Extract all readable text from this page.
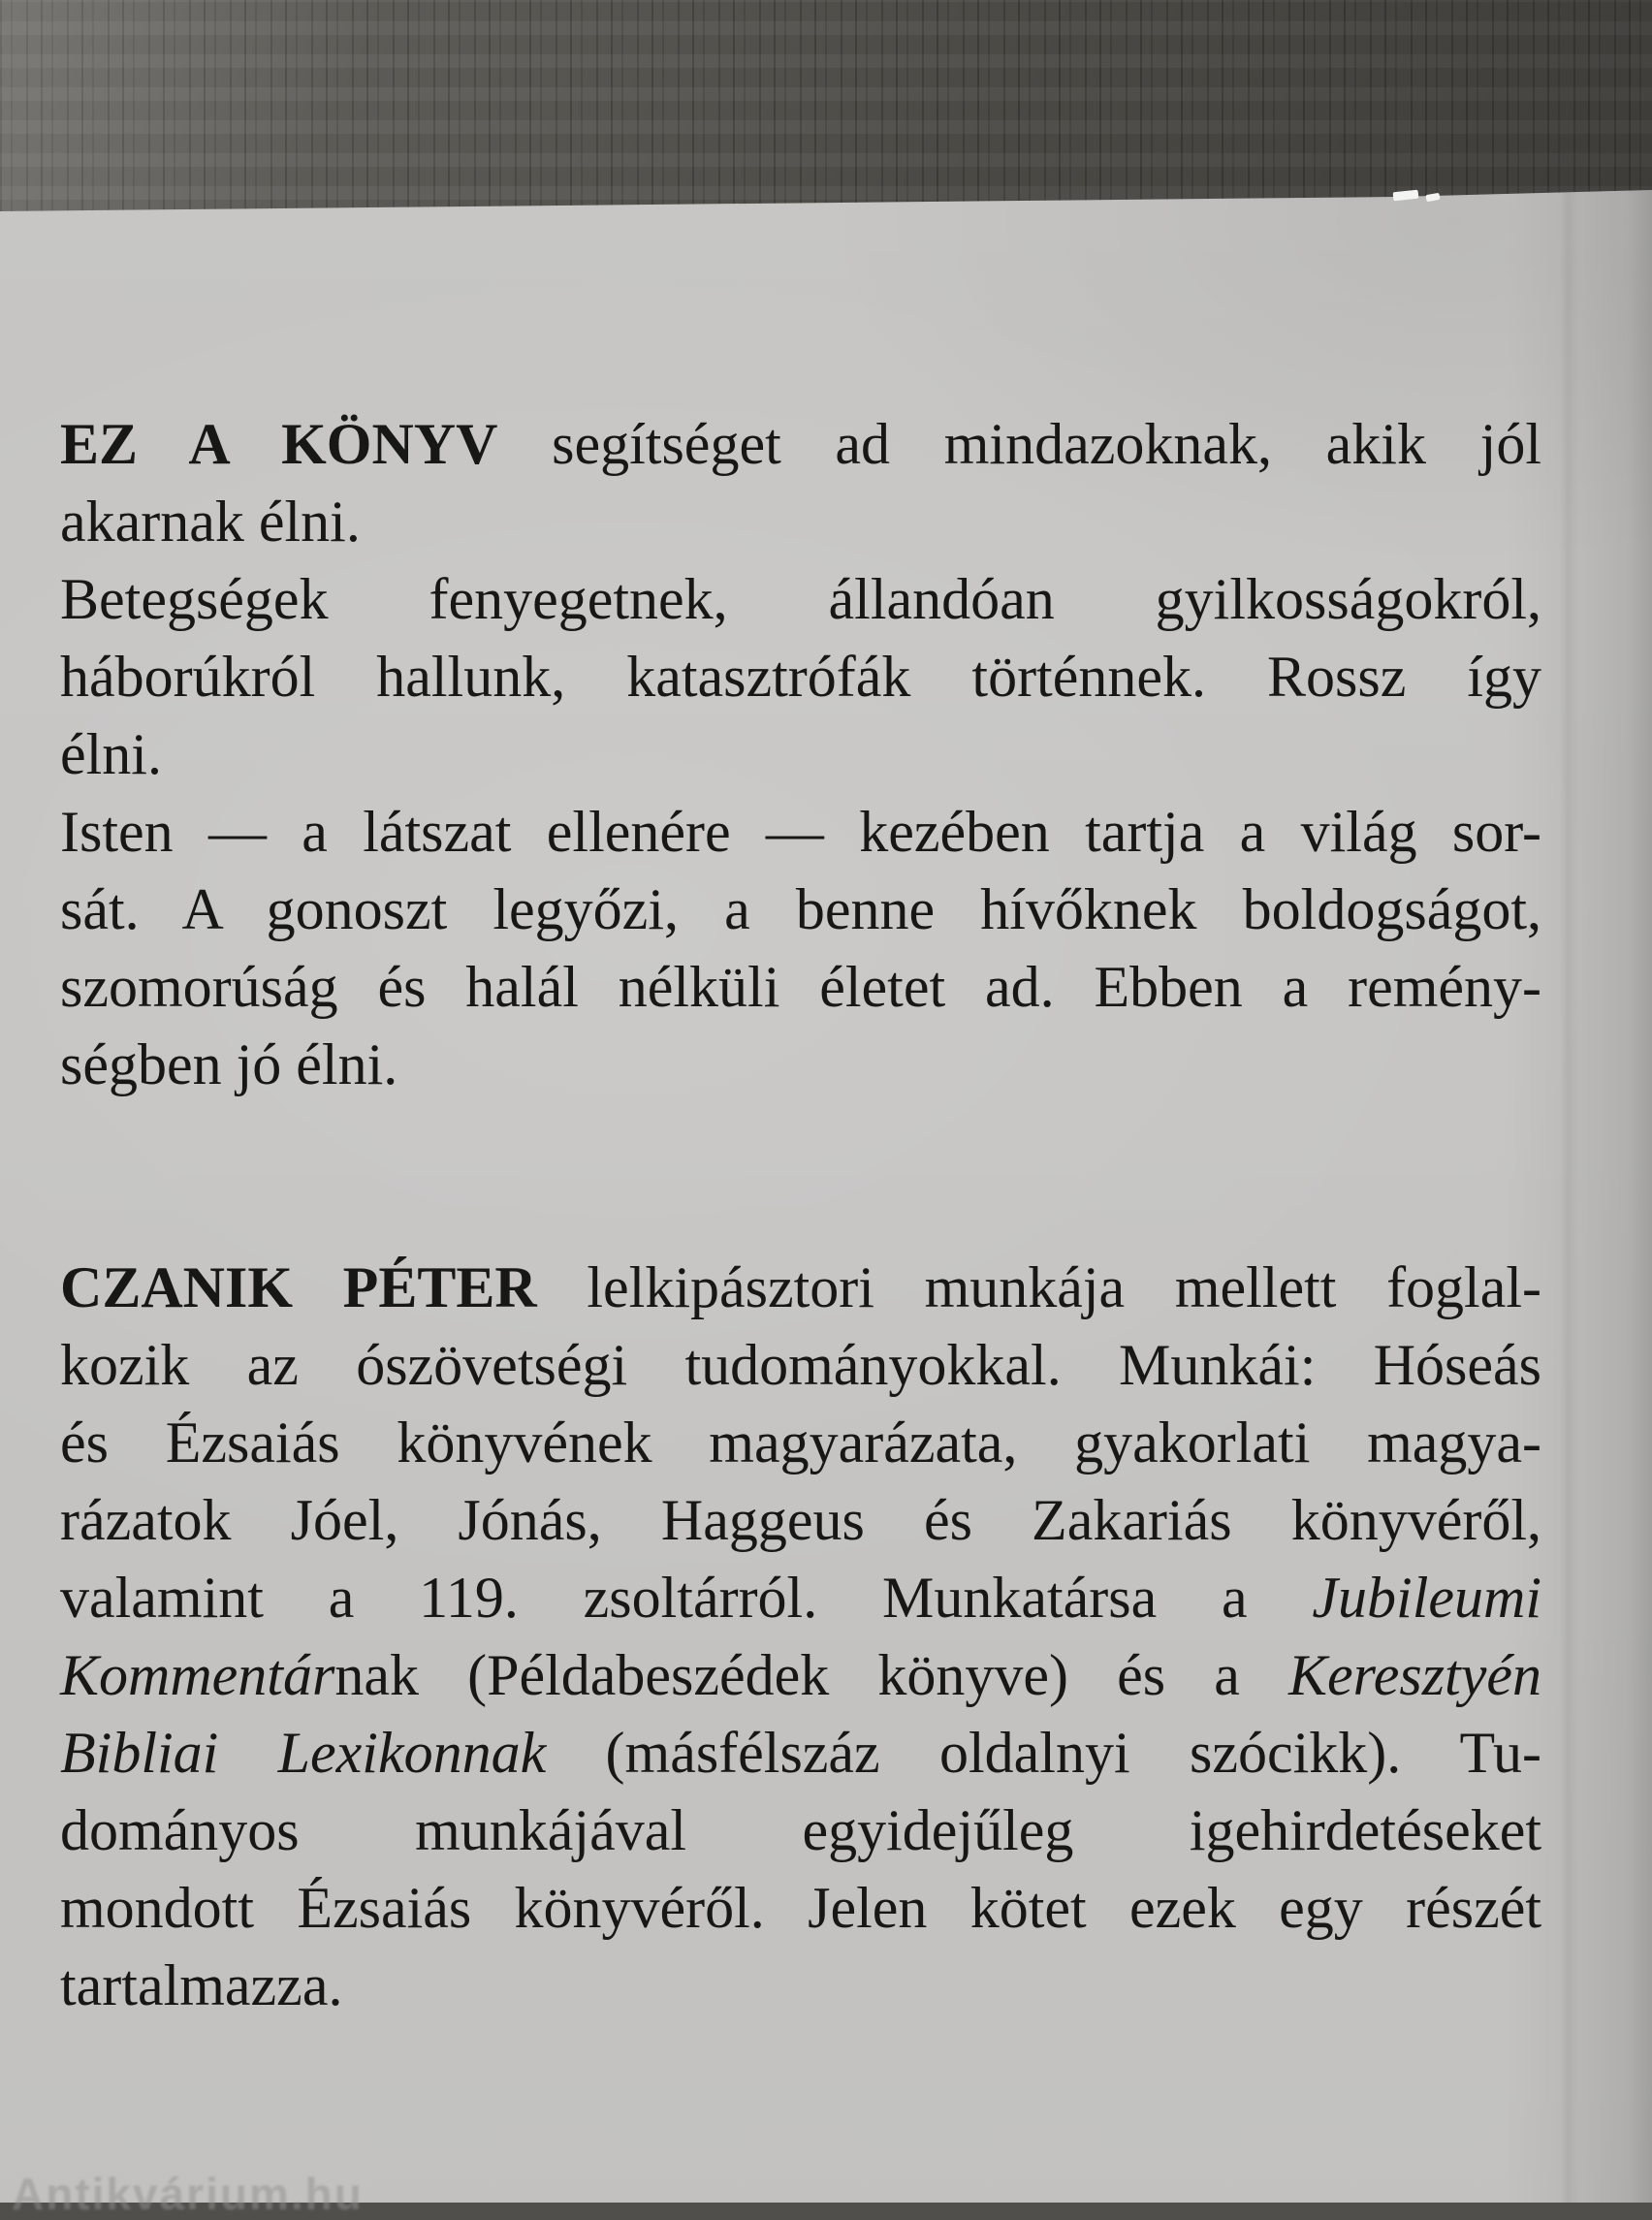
EZ A KÖNYV segítséget ad mindazoknak, akik jól
akarnak élni.
Betegségek fenyegetnek, állandóan gyilkosságokról,
háborúkról hallunk, katasztrófák történnek. Rossz így
élni.
Isten — a látszat ellenére — kezében tartja a világ sor-
sát. A gonoszt legyőzi, a benne hívőknek boldogságot,
szomorúság és halál nélküli életet ad. Ebben a remény-
ségben jó élni.
CZANIK PÉTER lelkipásztori munkája mellett foglal-
kozik az ószövetségi tudományokkal. Munkái: Hóseás
és Ézsaiás könyvének magyarázata, gyakorlati magya-
rázatok Jóel, Jónás, Haggeus és Zakariás könyvéről,
valamint a 119. zsoltárról. Munkatársa a Jubileumi
Kommentárnak (Példabeszédek könyve) és a Keresztyén
Bibliai Lexikonnak (másfélszáz oldalnyi szócikk). Tu-
dományos munkájával egyidejűleg igehirdetéseket
mondott Ézsaiás könyvéről. Jelen kötet ezek egy részét
tartalmazza.
Antikvárium.hu
